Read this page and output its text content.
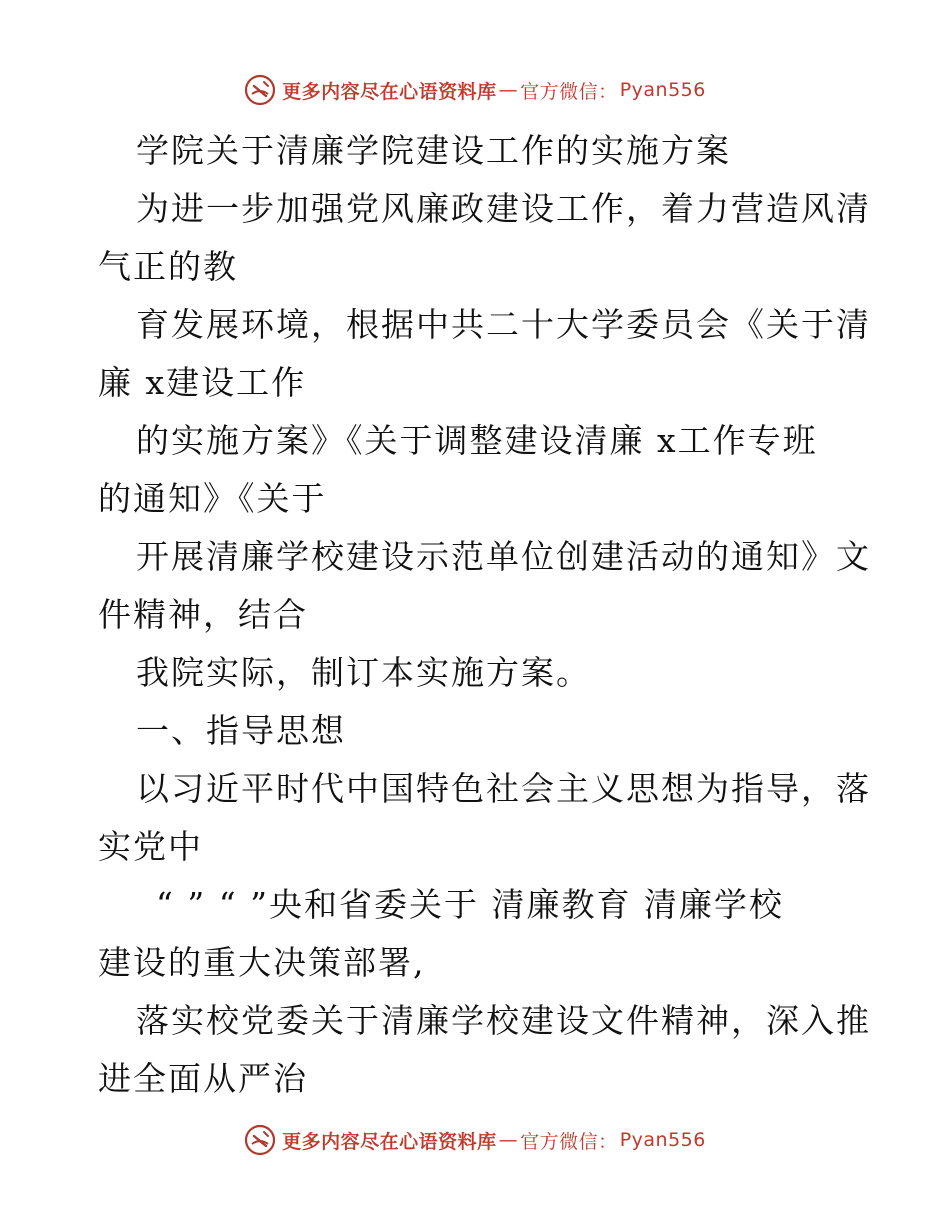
更多内容尽在心语资料库 — 官方微信： Pyan556
学院关于清廉学院建设工作的实施方案
为进一步加强党风廉政建设工作，着力营造风清
气正的教
育发展环境，根据中共二十大学委员会《关于清
廉 x建设工作
的实施方案》《关于调整建设清廉 x工作专班
的通知》《关于
开展清廉学校建设示范单位创建活动的通知》文
件精神，结合
我院实际，制订本实施方案。
一、指导思想
以习近平时代中国特色社会主义思想为指导，落
实党中
“ ” “ ”央和省委关于 清廉教育 清廉学校
建设的重大决策部署,
落实校党委关于清廉学校建设文件精神，深入推
进全面从严治
更多内容尽在心语资料库 — 官方微信： Pyan556
